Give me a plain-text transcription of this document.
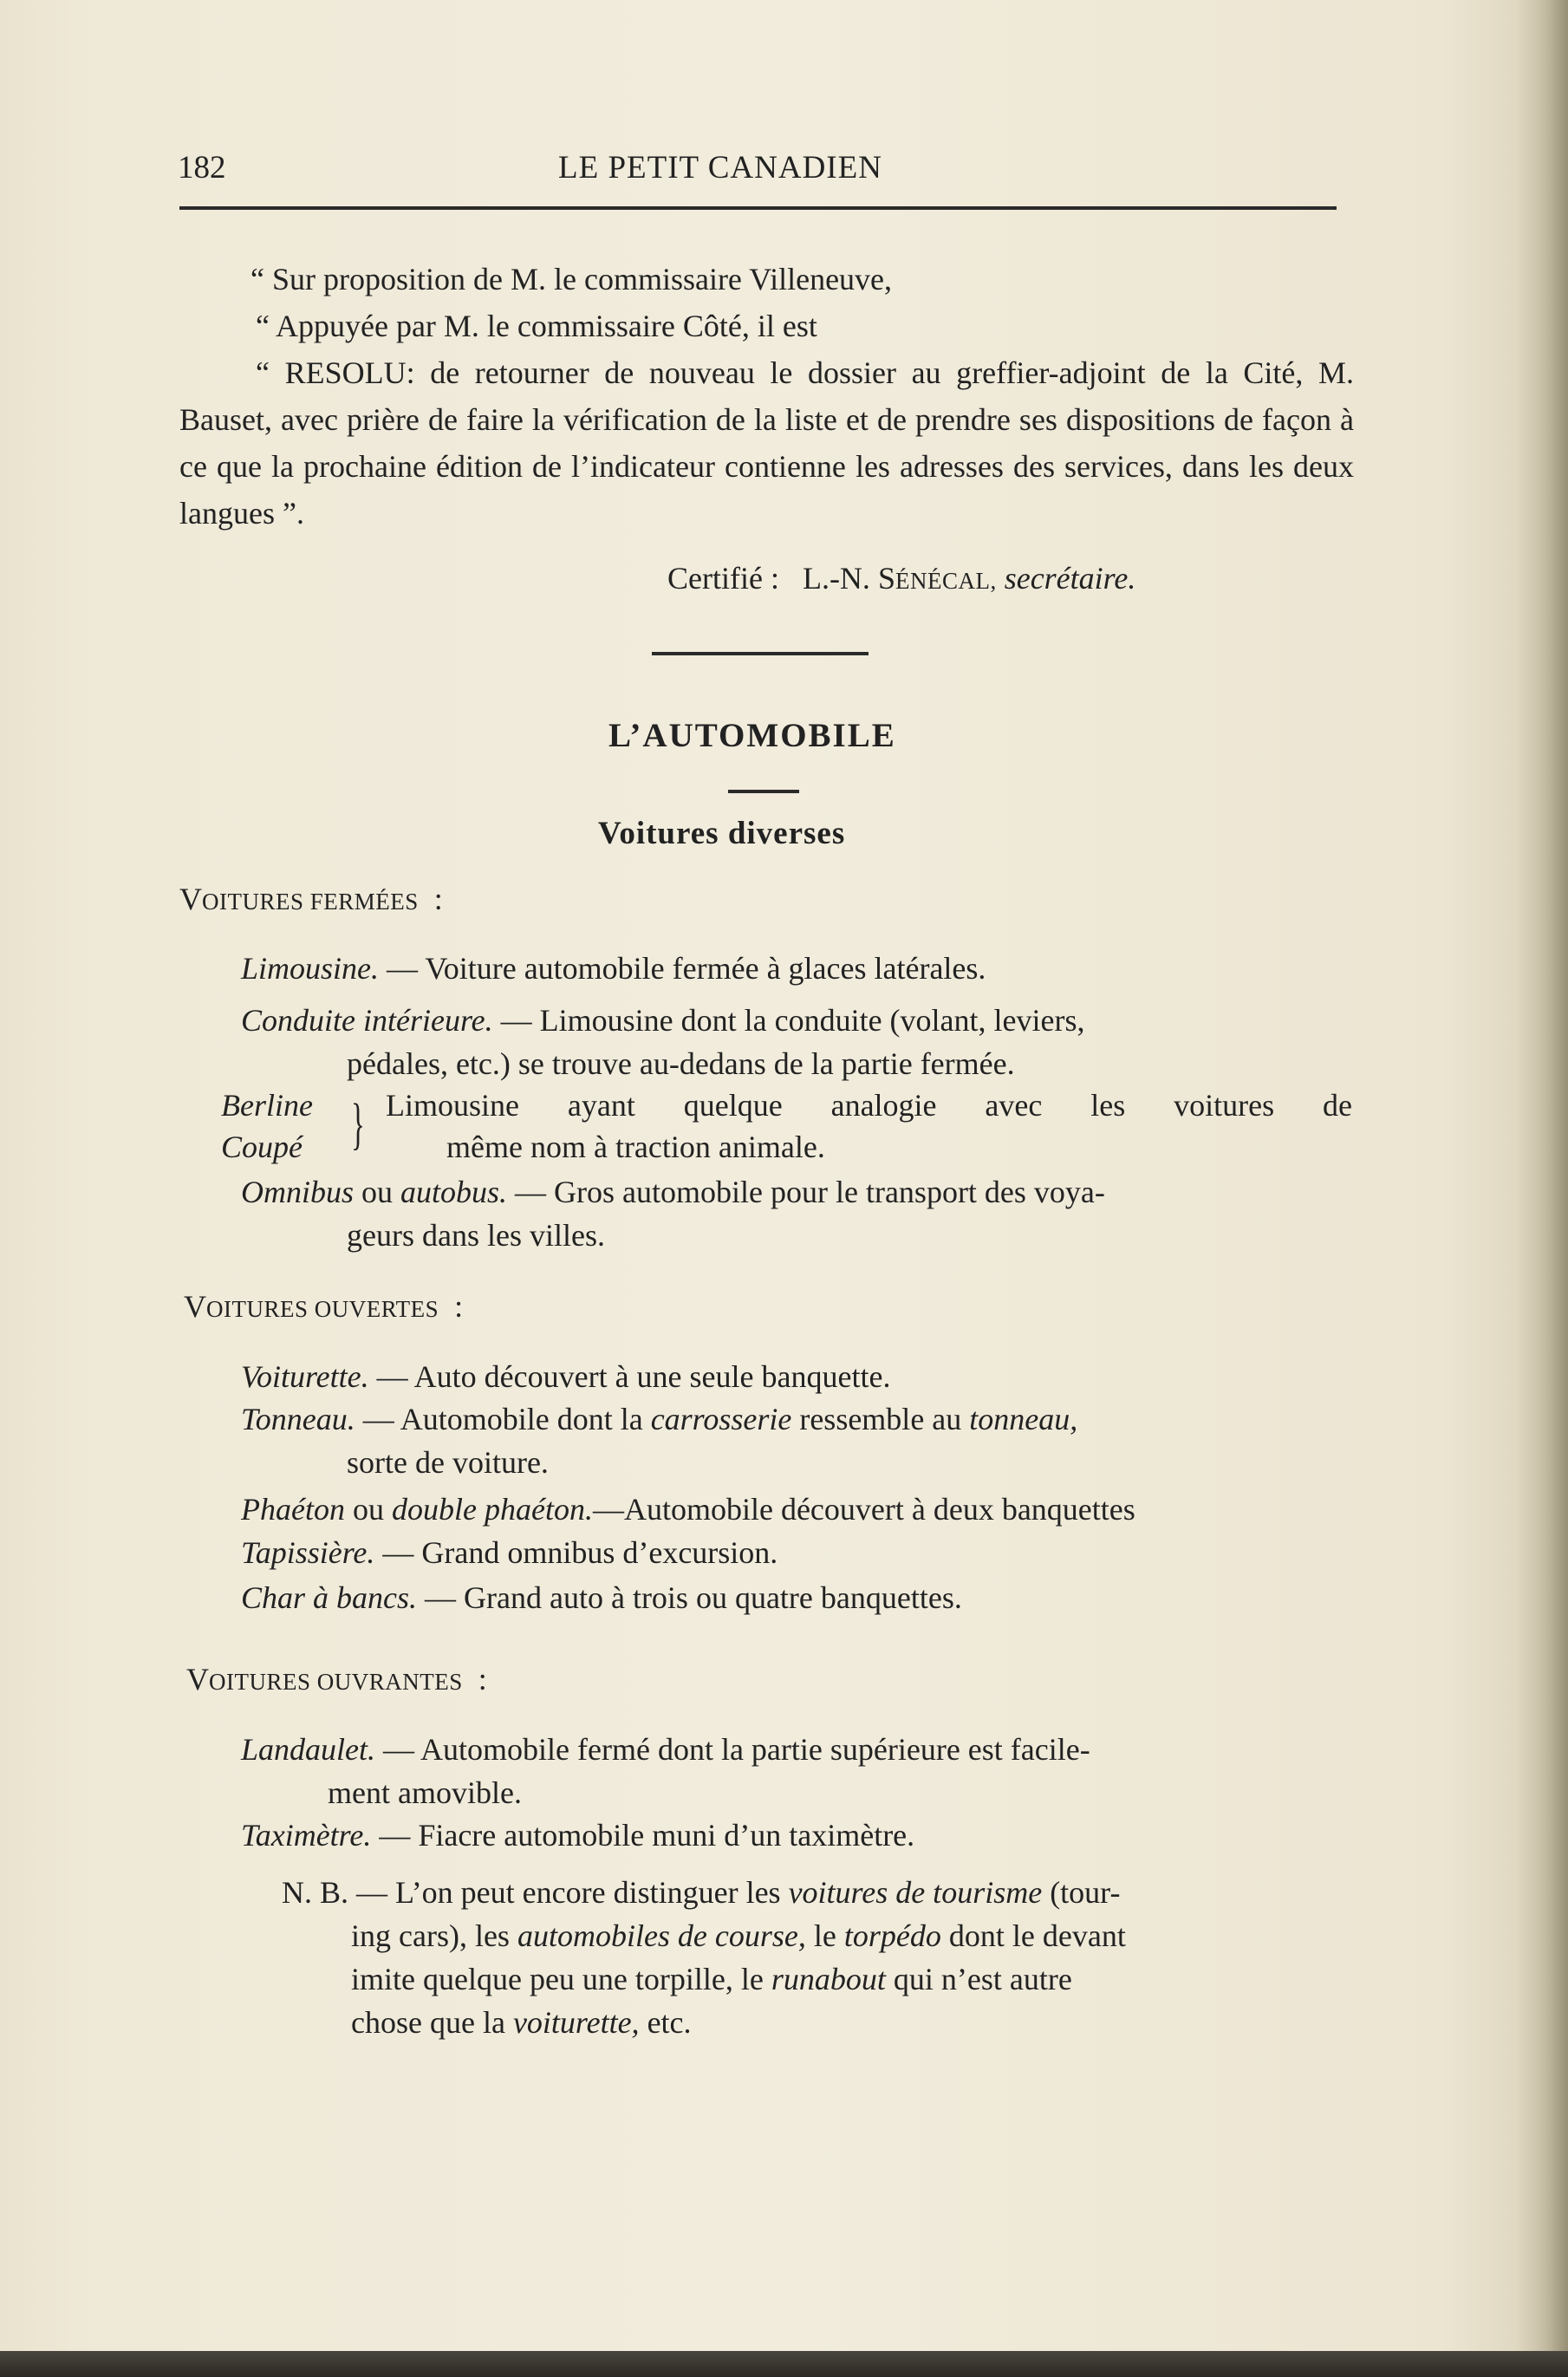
182	LE PETIT CANADIEN
“ Sur proposition de M. le commissaire Villeneuve,
“ Appuyée par M. le commissaire Côté, il est
“ RESOLU: de retourner de nouveau le dossier au greffier-adjoint de la Cité, M. Bauset, avec prière de faire la vérification de la liste et de prendre ses dispositions de façon à ce que la prochaine édition de l’indicateur contienne les adresses des services, dans les deux langues ”.
Certifié : L.-N. SÉNÉCAL, secrétaire.
L’AUTOMOBILE
Voitures diverses
VOITURES FERMÉES :
Limousine. — Voiture automobile fermée à glaces latérales.
Conduite intérieure. — Limousine dont la conduite (volant, leviers,
pédales, etc.) se trouve au-dedans de la partie fermée.
Berline
Coupé } Limousine ayant quelque analogie avec les voitures de
même nom à traction animale.
Omnibus ou autobus. — Gros automobile pour le transport des voya-
geurs dans les villes.
VOITURES OUVERTES :
Voiturette. — Auto découvert à une seule banquette.
Tonneau. — Automobile dont la carrosserie ressemble au tonneau,
sorte de voiture.
Phaéton ou double phaéton.—Automobile découvert à deux banquettes
Tapissière. — Grand omnibus d’excursion.
Char à bancs. — Grand auto à trois ou quatre banquettes.
VOITURES OUVRANTES :
Landaulet. — Automobile fermé dont la partie supérieure est facile-
ment amovible.
Taximètre. — Fiacre automobile muni d’un taximètre.
N. B. — L’on peut encore distinguer les voitures de tourisme (tour-
ing cars), les automobiles de course, le torpédo dont le devant
imite quelque peu une torpille, le runabout qui n’est autre
chose que la voiturette, etc.
